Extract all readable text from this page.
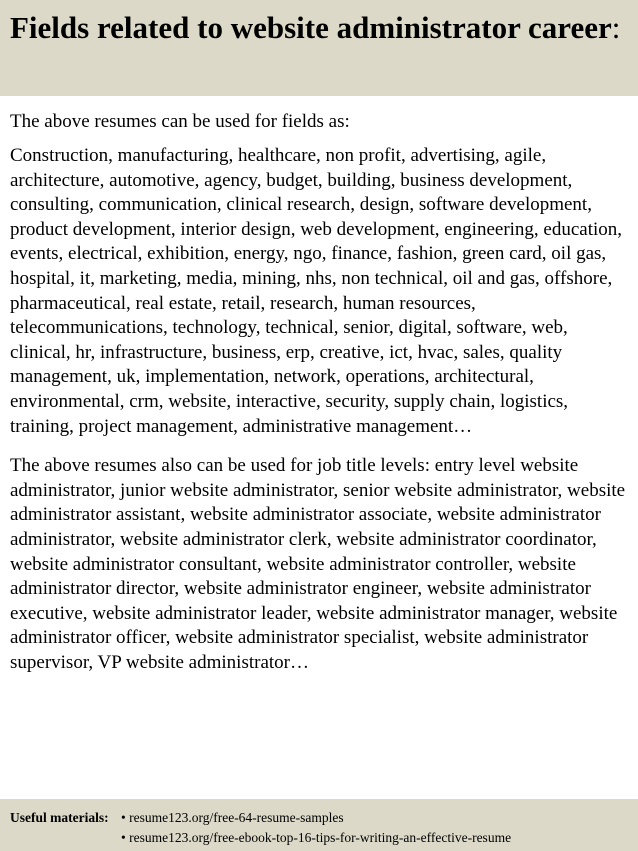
Fields related to website administrator career:

The above resumes can be used for fields as:

Construction, manufacturing, healthcare, non profit, advertising, agile, architecture, automotive, agency, budget, building, business development, consulting, communication, clinical research, design, software development, product development, interior design, web development, engineering, education, events, electrical, exhibition, energy, ngo, finance, fashion, green card, oil gas, hospital, it, marketing, media, mining, nhs, non technical, oil and gas, offshore, pharmaceutical, real estate, retail, research, human resources, telecommunications, technology, technical, senior, digital, software, web, clinical, hr, infrastructure, business, erp, creative, ict, hvac, sales, quality management, uk, implementation, network, operations, architectural, environmental, crm, website, interactive, security, supply chain, logistics, training, project management, administrative management…

The above resumes also can be used for job title levels: entry level website administrator, junior website administrator, senior website administrator, website administrator assistant, website administrator associate, website administrator administrator, website administrator clerk, website administrator coordinator, website administrator consultant, website administrator controller, website administrator director, website administrator engineer, website administrator executive, website administrator leader, website administrator manager, website administrator officer, website administrator specialist, website administrator supervisor, VP website administrator…

Useful materials: • resume123.org/free-64-resume-samples
• resume123.org/free-ebook-top-16-tips-for-writing-an-effective-resume
